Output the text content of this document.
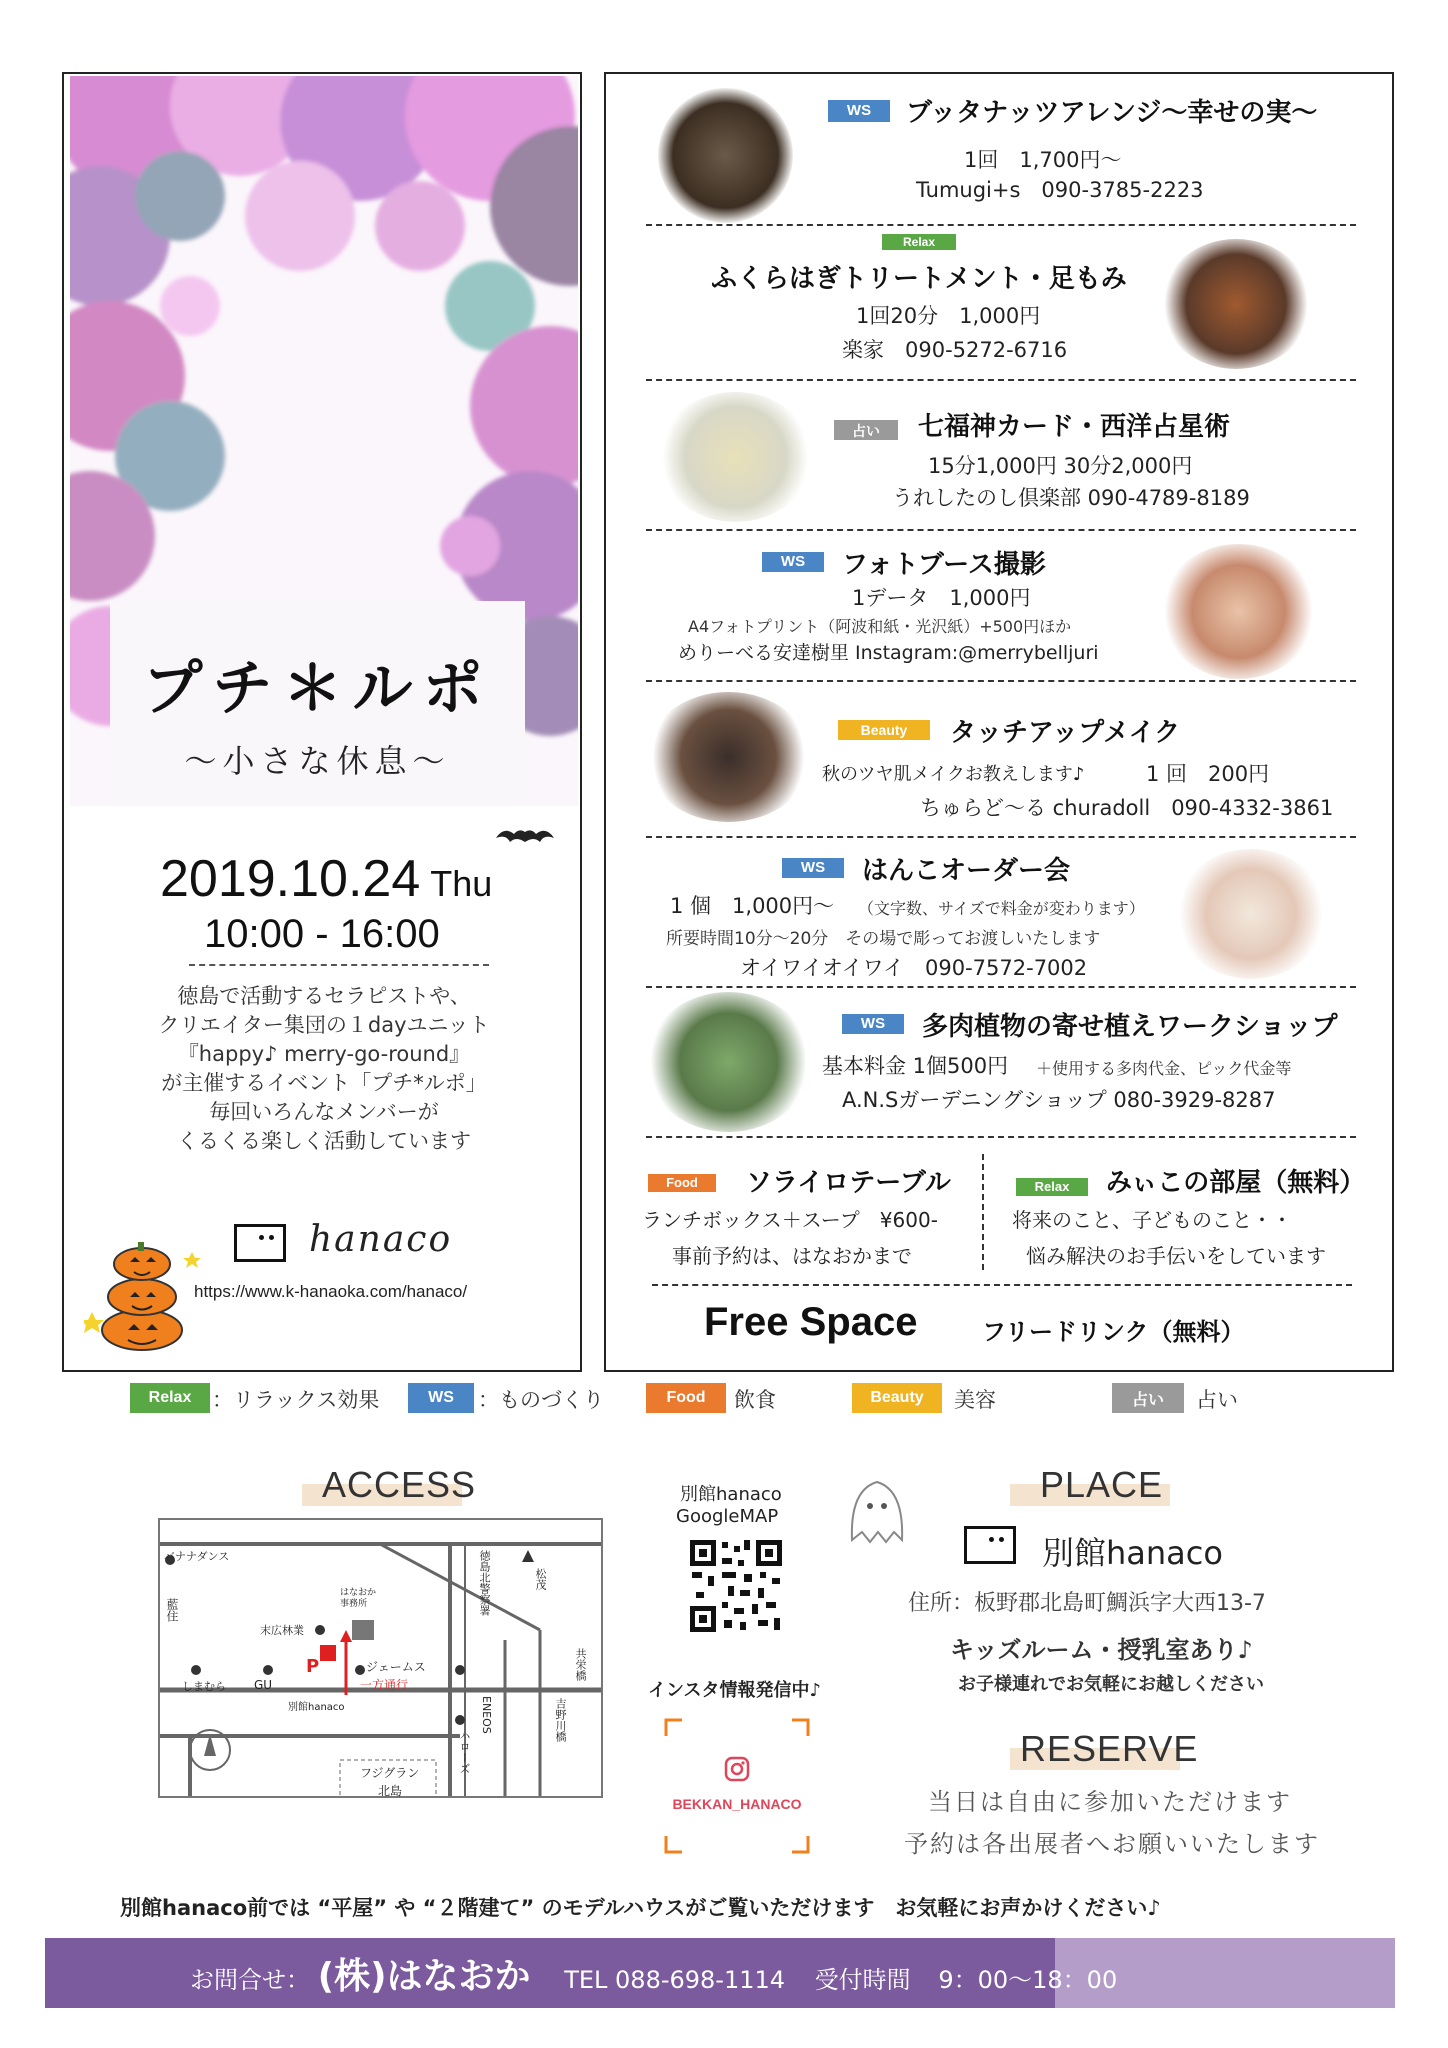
プチ＊ルポ
〜小さな休息〜
2019.10.24 Thu
10:00 - 16:00
徳島で活動するセラピストや、
クリエイター集団の１dayユニット
『happy♪ merry-go-round』
が主催するイベント「プチ*ルポ」
毎回いろんなメンバーが
くるくる楽しく活動しています
hanaco
https://www.k-hanaoka.com/hanaco/
WS	ブッタナッツアレンジ〜幸せの実〜
1回　1,700円〜
Tumugi+s　090-3785-2223
Relax
ふくらはぎトリートメント・足もみ
1回20分　1,000円
楽家　090-5272-6716
占い	七福神カード・西洋占星術
15分1,000円 30分2,000円
うれしたのし倶楽部 090-4789-8189
WS	フォトブース撮影
1データ　1,000円
A4フォトプリント（阿波和紙・光沢紙）+500円ほか
めりーべる安達樹里 Instagram:@merrybelljuri
Beauty	タッチアップメイク
秋のツヤ肌メイクお教えします♪	1 回　200円
ちゅらど〜る churadoll　090-4332-3861
WS	はんこオーダー会
1 個　1,000円〜 （文字数、サイズで料金が変わります）
所要時間10分〜20分　その場で彫ってお渡しいたします
オイワイオイワイ　090-7572-7002
WS	多肉植物の寄せ植えワークショップ
基本料金 1個500円 ＋使用する多肉代金、ピック代金等
A.N.Sガーデニングショップ 080-3929-8287
Food	ソライロテーブル
ランチボックス＋スープ　¥600-
事前予約は、はなおかまで
Relax	みぃこの部屋（無料）
将来のこと、子どものこと・・
悩み解決のお手伝いをしています
Free Space	フリードリンク（無料）
Relax ：リラックス効果	WS	：ものづくり	Food	飲食	Beauty	美容	占い	占い
ACCESS
バナナダンス
藍住
末広林業
はなおか事務所
しまむら GU
P	ジェームス
一方通行
別館hanaco
フジグラン
北島
徳島北警察署	松茂
共栄橋
吉野川橋
ハローズ
ENEOS
別館hanaco
GoogleMAP
インスタ情報発信中♪
BEKKAN_HANACO
PLACE
別館hanaco
住所：板野郡北島町鯛浜字大西13-7
キッズルーム・授乳室あり♪
お子様連れでお気軽にお越しください
RESERVE
当日は自由に参加いただけます
予約は各出展者へお願いいたします
別館hanaco前では “平屋” や “２階建て” のモデルハウスがご覧いただけます　お気軽にお声かけください♪
お問合せ： (株)はなおか TEL 088-698-1114 受付時間 9：00〜18：00
